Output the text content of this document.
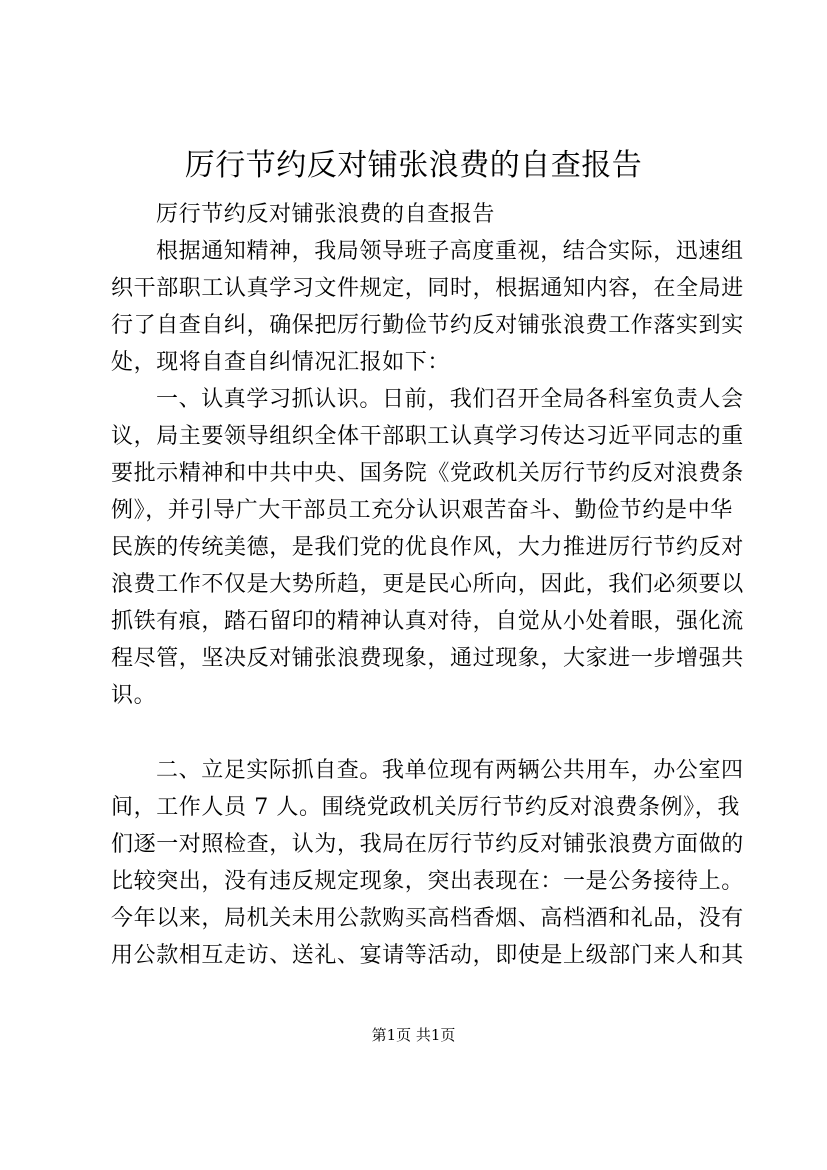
厉行节约反对铺张浪费的自查报告
厉行节约反对铺张浪费的自查报告
根据通知精神，我局领导班子高度重视，结合实际，迅速组
织干部职工认真学习文件规定，同时，根据通知内容，在全局进
行了自查自纠，确保把厉行勤俭节约反对铺张浪费工作落实到实
处，现将自查自纠情况汇报如下：
一、认真学习抓认识。日前，我们召开全局各科室负责人会
议，局主要领导组织全体干部职工认真学习传达习近平同志的重
要批示精神和中共中央、国务院《党政机关厉行节约反对浪费条
例》，并引导广大干部员工充分认识艰苦奋斗、勤俭节约是中华
民族的传统美德，是我们党的优良作风，大力推进厉行节约反对
浪费工作不仅是大势所趋，更是民心所向，因此，我们必须要以
抓铁有痕，踏石留印的精神认真对待，自觉从小处着眼，强化流
程尽管，坚决反对铺张浪费现象，通过现象，大家进一步增强共
识。
二、立足实际抓自查。我单位现有两辆公共用车，办公室四
间，工作人员 7 人。围绕党政机关厉行节约反对浪费条例》，我
们逐一对照检查，认为，我局在厉行节约反对铺张浪费方面做的
比较突出，没有违反规定现象，突出表现在：一是公务接待上。
今年以来，局机关未用公款购买高档香烟、高档酒和礼品，没有
用公款相互走访、送礼、宴请等活动，即使是上级部门来人和其
第1页 共1页
